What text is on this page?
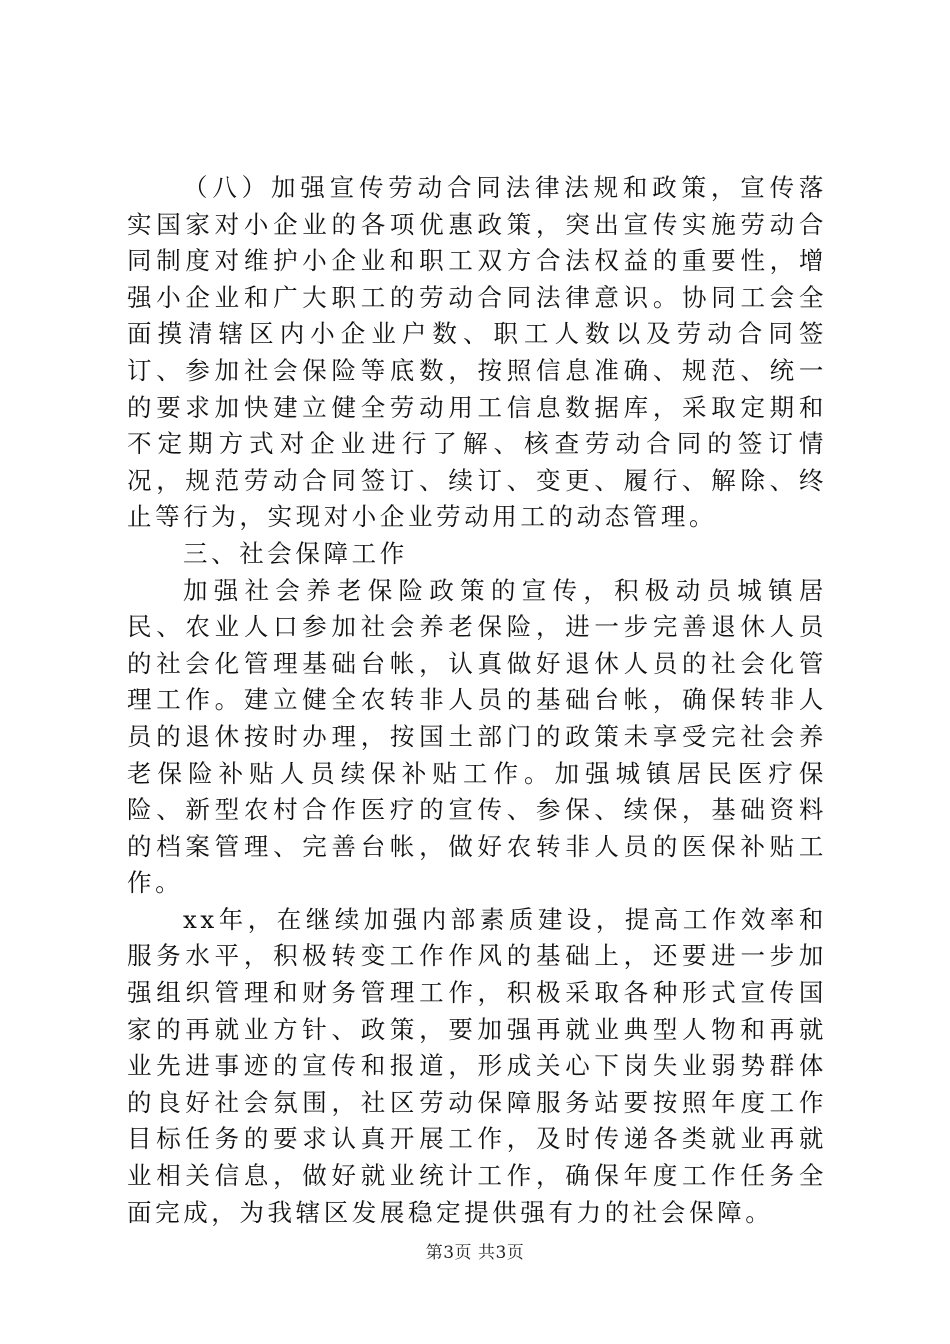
（八）加强宣传劳动合同法律法规和政策，宣传落实国家对小企业的各项优惠政策，突出宣传实施劳动合同制度对维护小企业和职工双方合法权益的重要性，增强小企业和广大职工的劳动合同法律意识。协同工会全面摸清辖区内小企业户数、职工人数以及劳动合同签订、参加社会保险等底数，按照信息准确、规范、统一的要求加快建立健全劳动用工信息数据库，采取定期和不定期方式对企业进行了解、核查劳动合同的签订情况，规范劳动合同签订、续订、变更、履行、解除、终止等行为，实现对小企业劳动用工的动态管理。

三、社会保障工作

加强社会养老保险政策的宣传，积极动员城镇居民、农业人口参加社会养老保险，进一步完善退休人员的社会化管理基础台帐，认真做好退休人员的社会化管理工作。建立健全农转非人员的基础台帐，确保转非人员的退休按时办理，按国土部门的政策未享受完社会养老保险补贴人员续保补贴工作。加强城镇居民医疗保险、新型农村合作医疗的宣传、参保、续保，基础资料的档案管理、完善台帐，做好农转非人员的医保补贴工作。

xx年，在继续加强内部素质建设，提高工作效率和服务水平，积极转变工作作风的基础上，还要进一步加强组织管理和财务管理工作，积极采取各种形式宣传国家的再就业方针、政策，要加强再就业典型人物和再就业先进事迹的宣传和报道，形成关心下岗失业弱势群体的良好社会氛围，社区劳动保障服务站要按照年度工作目标任务的要求认真开展工作，及时传递各类就业再就业相关信息，做好就业统计工作，确保年度工作任务全面完成，为我辖区发展稳定提供强有力的社会保障。

第3页 共3页
